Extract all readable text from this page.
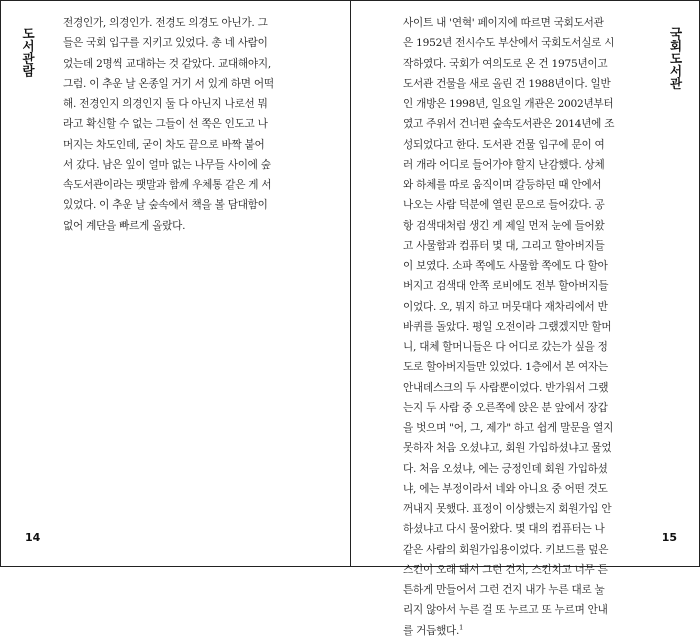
도서관람
전경인가, 의경인가. 전경도 의경도 아닌가. 그
들은 국회 입구를 지키고 있었다. 총 네 사람이
었는데 2명씩 교대하는 것 같았다. 교대해야지,
그럼. 이 추운 날 온종일 거기 서 있게 하면 어떡
해. 전경인지 의경인지 둘 다 아닌지 나로선 뭐
라고 확신할 수 없는 그들이 선 쪽은 인도고 나
머지는 차도인데, 굳이 차도 끝으로 바짝 붙어
서 갔다. 남은 잎이 얼마 없는 나무들 사이에 숲
속도서관이라는 팻말과 함께 우체통 같은 게 서
있었다. 이 추운 날 숲속에서 책을 볼 담대함이
없어 계단을 빠르게 올랐다.
14
국회도서관
사이트 내 '연혁' 페이지에 따르면 국회도서관
은 1952년 전시수도 부산에서 국회도서실로 시
작하였다. 국회가 여의도로 온 건 1975년이고
도서관 건물을 새로 올린 건 1988년이다. 일반
인 개방은 1998년, 일요일 개관은 2002년부터
였고 주위서 건너편 숲속도서관은 2014년에 조
성되었다고 한다. 도서관 건물 입구에 문이 여
러 개라 어디로 들어가야 할지 난감했다. 상체
와 하체를 따로 움직이며 갈등하던 때 안에서
나오는 사람 덕분에 열린 문으로 들어갔다. 공
항 검색대처럼 생긴 게 제일 먼저 눈에 들어왔
고 사물함과 컴퓨터 몇 대, 그리고 할아버지들
이 보였다. 소파 쪽에도 사물함 쪽에도 다 할아
버지고 검색대 안쪽 로비에도 전부 할아버지들
이었다. 오, 뭐지 하고 머뭇대다 재차리에서 반
바퀴를 돌았다. 평일 오전이라 그랬겠지만 할머
니, 대체 할머니들은 다 어디로 갔는가 싶을 정
도로 할아버지들만 있었다. 1층에서 본 여자는
안내데스크의 두 사람뿐이었다. 반가워서 그랬
는지 두 사람 중 오른쪽에 앉은 분 앞에서 장갑
을 벗으며 "어, 그, 제가" 하고 쉽게 말문을 열지
못하자 처음 오셨냐고, 회원 가입하셨냐고 물었
다. 처음 오셨냐, 에는 긍정인데 회원 가입하셨
냐, 에는 부정이라서 네와 아니요 중 어떤 것도
꺼내지 못했다. 표정이 이상했는지 회원가입 안
하셨냐고 다시 물어왔다. 몇 대의 컴퓨터는 나
같은 사람의 회원가입용이었다. 키보드를 덮은
스킨이 오래 돼서 그런 건지, 스킨치고 너무 튼
튼하게 만들어서 그런 건지 내가 누른 대로 눌
리지 않아서 누른 걸 또 누르고 또 누르며 안내
를 거듭했다.$^1$
15
